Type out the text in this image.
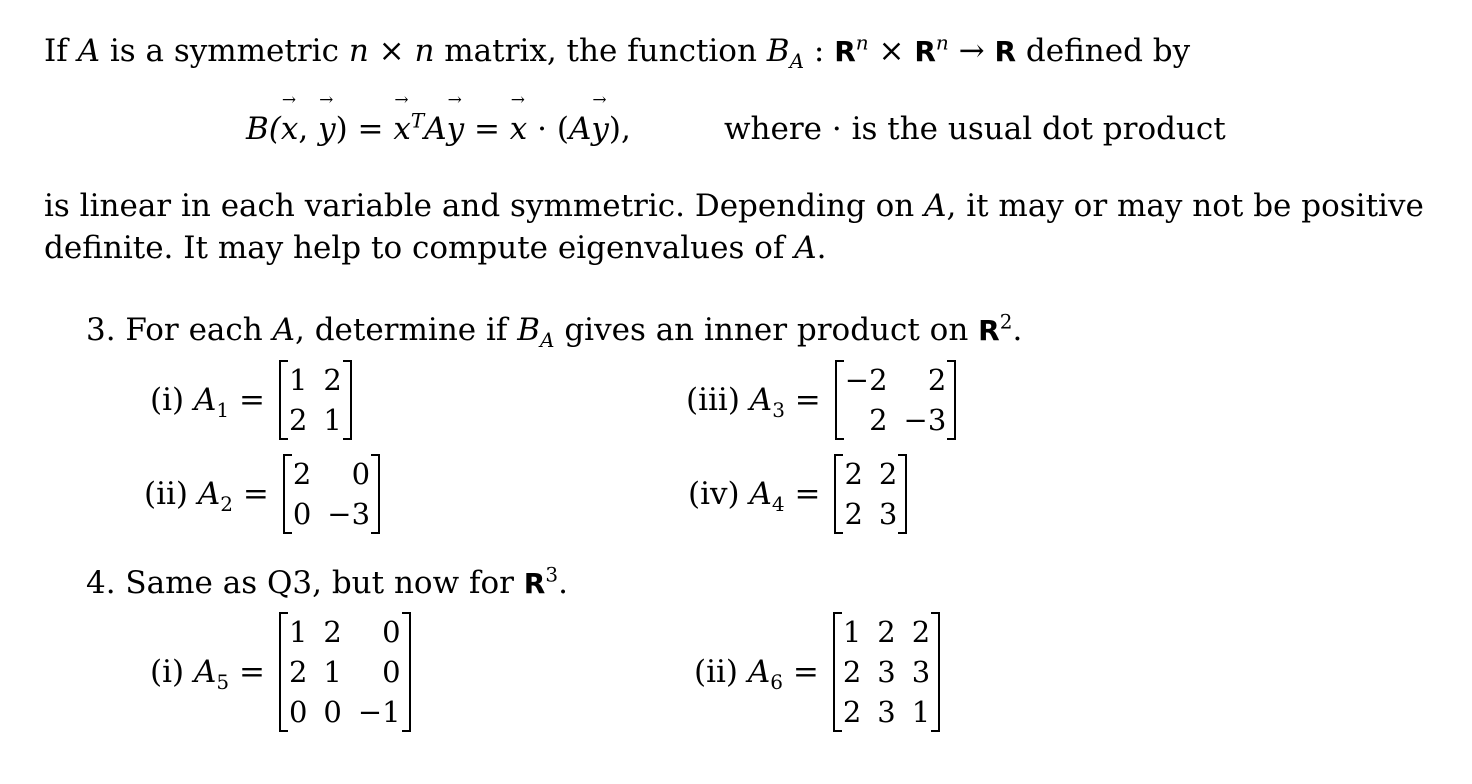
If A is a symmetric n × n matrix, the function $B_A$ : $R^n \times R^n \to R$ defined by
B(x →, y →) = x →$^T$Ay → = x → · (Ay →),	where · is the usual dot product
is linear in each variable and symmetric. Depending on A, it may or may not be positive
definite. It may help to compute eigenvalues of A.
3. For each A, determine if $B_A$ gives an inner product on $R^2$.
4. Same as Q3, but now for $R^3$.
(i) $A_1$ =
1 2
2 1
(ii) $A_2$ =
2	0
0 −3
(iii) $A_3$ =
−2	2
2 −3
(iv) $A_4$ =
2 2
2 3
(i) $A_5$ =
1 2	0
2 1	0
0 0 −1
(ii) $A_6$ =
1 2 2
2 3 3
2 3 1
